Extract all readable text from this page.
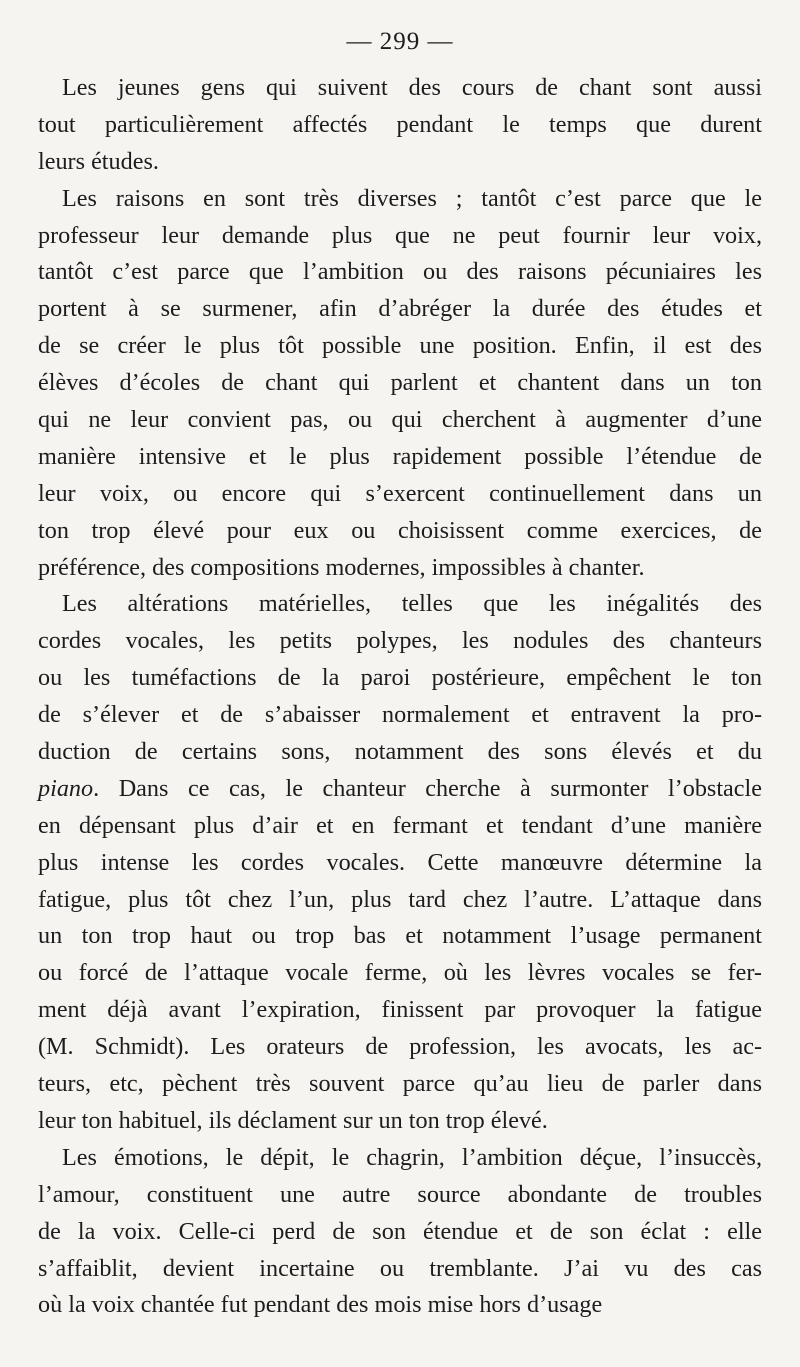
— 299 —
Les jeunes gens qui suivent des cours de chant sont aussi
tout particulièrement affectés pendant le temps que durent
leurs études.
Les raisons en sont très diverses ; tantôt c’est parce que le
professeur leur demande plus que ne peut fournir leur voix,
tantôt c’est parce que l’ambition ou des raisons pécuniaires les
portent à se surmener, afin d’abréger la durée des études et
de se créer le plus tôt possible une position. Enfin, il est des
élèves d’écoles de chant qui parlent et chantent dans un ton
qui ne leur convient pas, ou qui cherchent à augmenter d’une
manière intensive et le plus rapidement possible l’étendue de
leur voix, ou encore qui s’exercent continuellement dans un
ton trop élevé pour eux ou choisissent comme exercices, de
préférence, des compositions modernes, impossibles à chanter.
Les altérations matérielles, telles que les inégalités des
cordes vocales, les petits polypes, les nodules des chanteurs
ou les tuméfactions de la paroi postérieure, empêchent le ton
de s’élever et de s’abaisser normalement et entravent la pro-
duction de certains sons, notamment des sons élevés et du
piano. Dans ce cas, le chanteur cherche à surmonter l’obstacle
en dépensant plus d’air et en fermant et tendant d’une manière
plus intense les cordes vocales. Cette manœuvre détermine la
fatigue, plus tôt chez l’un, plus tard chez l’autre. L’attaque dans
un ton trop haut ou trop bas et notamment l’usage permanent
ou forcé de l’attaque vocale ferme, où les lèvres vocales se fer-
ment déjà avant l’expiration, finissent par provoquer la fatigue
(M. Schmidt). Les orateurs de profession, les avocats, les ac-
teurs, etc, pèchent très souvent parce qu’au lieu de parler dans
leur ton habituel, ils déclament sur un ton trop élevé.
Les émotions, le dépit, le chagrin, l’ambition déçue, l’insuccès,
l’amour, constituent une autre source abondante de troubles
de la voix. Celle-ci perd de son étendue et de son éclat : elle
s’affaiblit, devient incertaine ou tremblante. J’ai vu des cas
où la voix chantée fut pendant des mois mise hors d’usage
